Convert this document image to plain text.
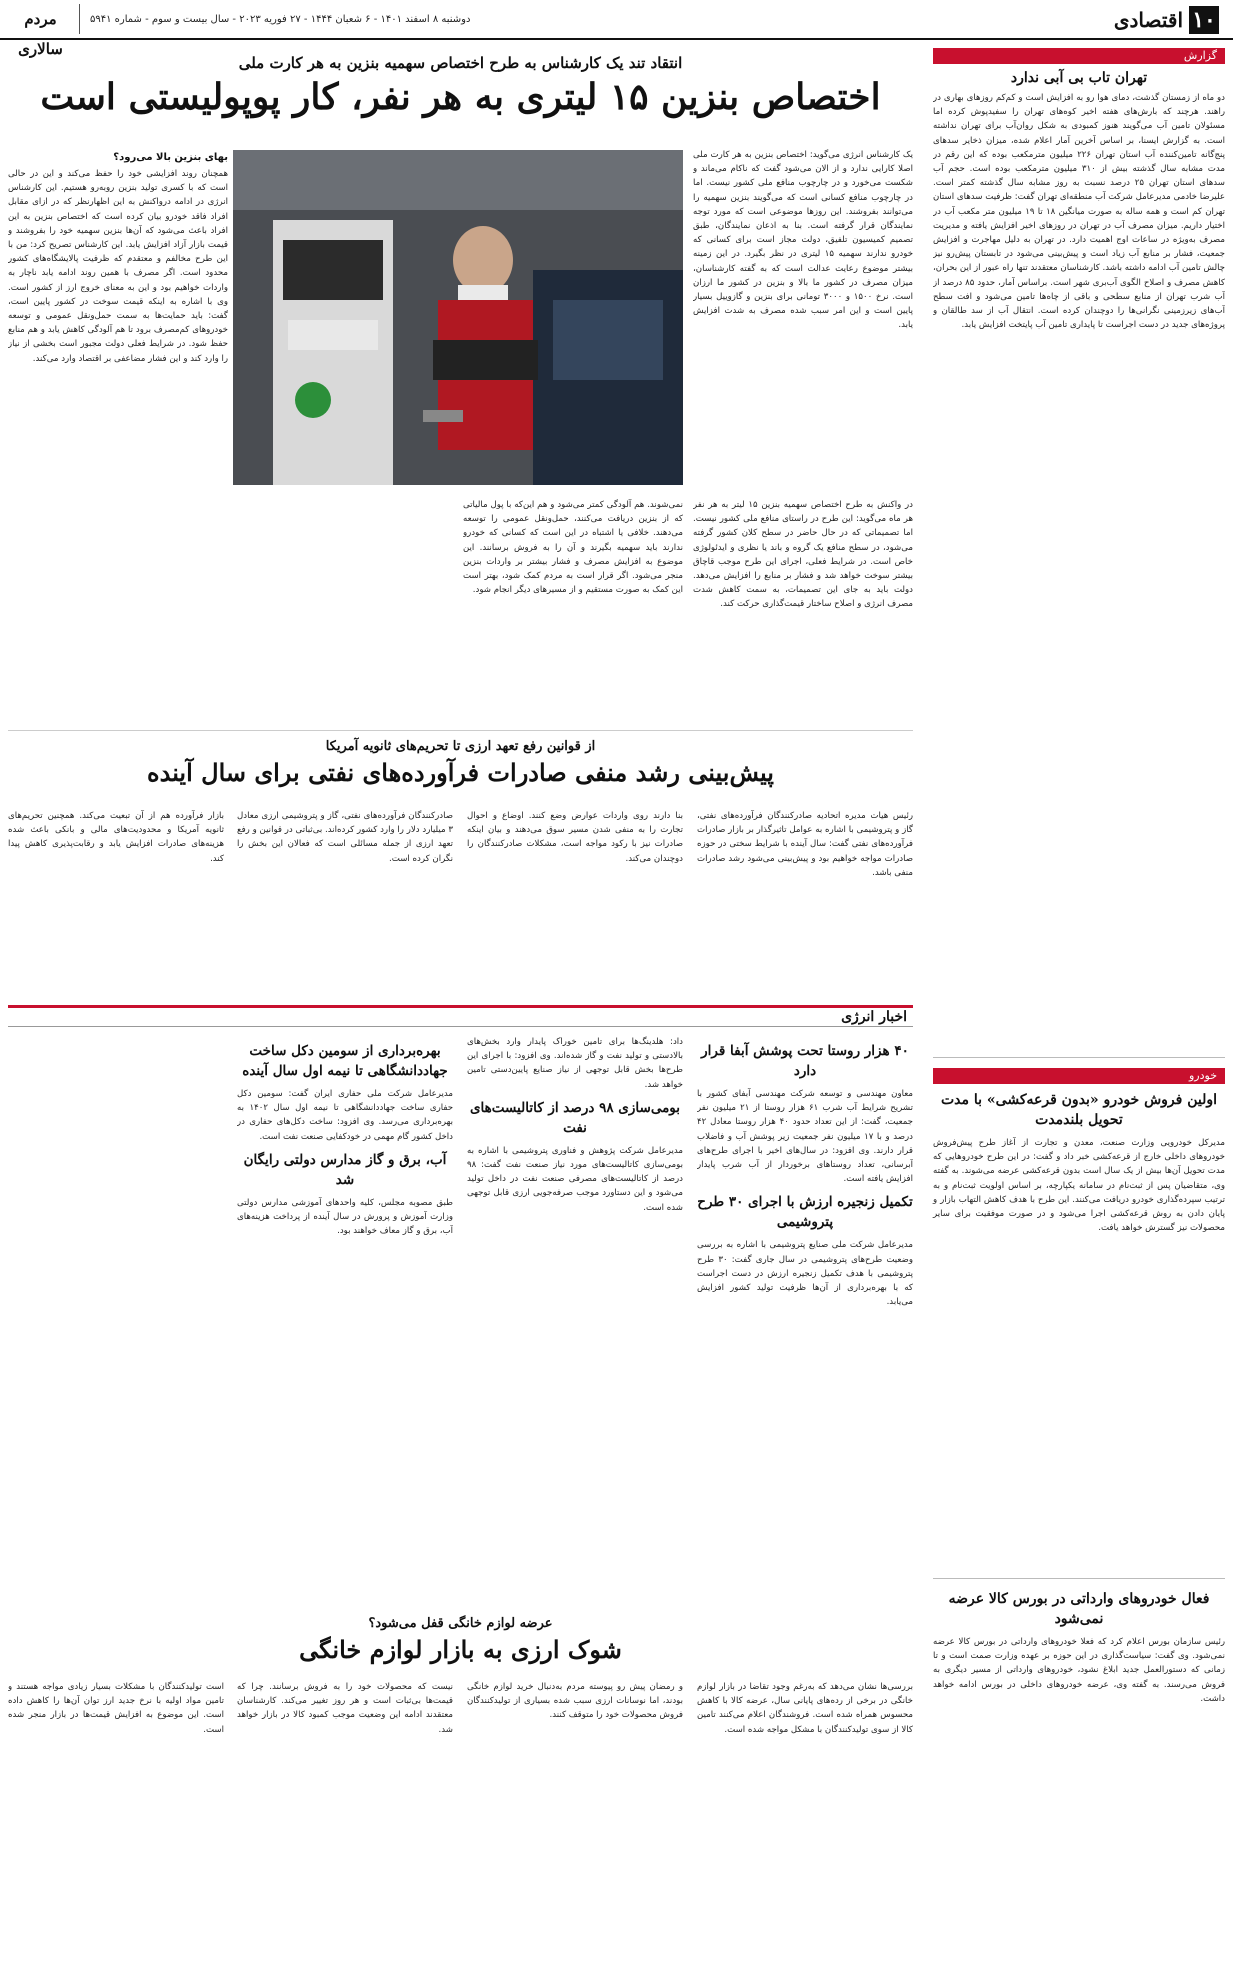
۱۰
اقتصادی
مردم سالاری
دوشنبه ۸ اسفند ۱۴۰۱ - ۶ شعبان ۱۴۴۴ - ۲۷ فوریه ۲۰۲۳ - سال بیست و سوم - شماره ۵۹۴۱
گزارش
تهران تاب بی آبی ندارد
دو ماه از زمستان گذشت، دمای هوا رو به افزایش است و کم‌کم روزهای بهاری در راهند. هرچند که بارش‌های هفته اخیر کوه‌های تهران را سفیدپوش کرده اما مسئولان تامین آب می‌گویند هنوز کمبودی به شکل روان‌آب برای تهران نداشته است. به گزارش ایسنا، بر اساس آخرین آمار اعلام شده، میزان ذخایر سدهای پنج‌گانه تامین‌کننده آب استان تهران ۲۲۶ میلیون مترمکعب بوده که این رقم در مدت مشابه سال گذشته بیش از ۳۱۰ میلیون مترمکعب بوده است. حجم آب سدهای استان تهران ۲۵ درصد نسبت به روز مشابه سال گذشته کمتر است. علیرضا خادمی مدیرعامل شرکت آب منطقه‌ای تهران گفت: ظرفیت سدهای استان تهران کم است و همه ساله به صورت میانگین ۱۸ تا ۱۹ میلیون متر مکعب آب در اختیار داریم. میزان مصرف آب در تهران در روزهای اخیر افزایش یافته و مدیریت مصرف به‌ویژه در ساعات اوج اهمیت دارد. در تهران به دلیل مهاجرت و افزایش جمعیت، فشار بر منابع آب زیاد است و پیش‌بینی می‌شود در تابستان پیش‌رو نیز چالش تامین آب ادامه داشته باشد. کارشناسان معتقدند تنها راه عبور از این بحران، کاهش مصرف و اصلاح الگوی آب‌بری شهر است. براساس آمار، حدود ۸۵ درصد از آب شرب تهران از منابع سطحی و باقی از چاه‌ها تامین می‌شود و افت سطح آب‌های زیرزمینی نگرانی‌ها را دوچندان کرده است. انتقال آب از سد طالقان و پروژه‌های جدید در دست اجراست تا پایداری تامین آب پایتخت افزایش یابد.
خودرو
اولین فروش خودرو «بدون قرعه‌کشی» با مدت تحویل بلندمدت
مدیرکل خودرویی وزارت صنعت، معدن و تجارت از آغاز طرح پیش‌فروش خودروهای داخلی خارج از قرعه‌کشی خبر داد و گفت: در این طرح خودروهایی که مدت تحویل آن‌ها بیش از یک سال است بدون قرعه‌کشی عرضه می‌شوند. به گفته وی، متقاضیان پس از ثبت‌نام در سامانه یکپارچه، بر اساس اولویت ثبت‌نام و به ترتیب سپرده‌گذاری خودرو دریافت می‌کنند. این طرح با هدف کاهش التهاب بازار و پایان دادن به روش قرعه‌کشی اجرا می‌شود و در صورت موفقیت برای سایر محصولات نیز گسترش خواهد یافت.
فعال خودروهای وارداتی در بورس کالا عرضه نمی‌شود
رئیس سازمان بورس اعلام کرد که فعلا خودروهای وارداتی در بورس کالا عرضه نمی‌شود. وی گفت: سیاست‌گذاری در این حوزه بر عهده وزارت صمت است و تا زمانی که دستورالعمل جدید ابلاغ نشود، خودروهای وارداتی از مسیر دیگری به فروش می‌رسند. به گفته وی، عرضه خودروهای داخلی در بورس ادامه خواهد داشت.
انتقاد تند یک کارشناس به طرح اختصاص سهمیه بنزین به هر کارت ملی
اختصاص بنزین ۱۵ لیتری به هر نفر، کار پوپولیستی است
یک کارشناس انرژی می‌گوید: اختصاص بنزین به هر کارت ملی اصلا کارایی ندارد و از الان می‌شود گفت که ناکام می‌ماند و شکست می‌خورد و در چارچوب منافع ملی کشور نیست. اما در چارچوب منافع کسانی است که می‌گویند بنزین سهمیه را می‌توانند بفروشند. این روزها موضوعی است که مورد توجه نمایندگان قرار گرفته است. بنا به اذعان نمایندگان، طبق تصمیم کمیسیون تلفیق، دولت مجاز است برای کسانی که خودرو ندارند سهمیه ۱۵ لیتری در نظر بگیرد. در این زمینه بیشتر موضوع رعایت عدالت است که به گفته کارشناسان، میزان مصرف در کشور ما بالا و بنزین در کشور ما ارزان است. نرخ ۱۵۰۰ و ۳۰۰۰ تومانی برای بنزین و گازوییل بسیار پایین است و این امر سبب شده مصرف به شدت افزایش یابد.
در واکنش به طرح اختصاص سهمیه بنزین ۱۵ لیتر به هر نفر هر ماه می‌گوید: این طرح در راستای منافع ملی کشور نیست. اما تصمیماتی که در حال حاضر در سطح کلان کشور گرفته می‌شود، در سطح منافع یک گروه و باند یا نظری و ایدئولوژی خاص است. در شرایط فعلی، اجرای این طرح موجب قاچاق بیشتر سوخت خواهد شد و فشار بر منابع را افزایش می‌دهد. دولت باید به جای این تصمیمات، به سمت کاهش شدت مصرف انرژی و اصلاح ساختار قیمت‌گذاری حرکت کند.
نمی‌شوند. هم آلودگی کمتر می‌شود و هم این‌که با پول مالیاتی که از بنزین دریافت می‌کنند، حمل‌ونقل عمومی را توسعه می‌دهند. خلافی یا اشتباه در این است که کسانی که خودرو ندارند باید سهمیه بگیرند و آن را به فروش برسانند. این موضوع به افزایش مصرف و فشار بیشتر بر واردات بنزین منجر می‌شود. اگر قرار است به مردم کمک شود، بهتر است این کمک به صورت مستقیم و از مسیرهای دیگر انجام شود.
بهای بنزین بالا می‌رود؟
همچنان روند افزایشی خود را حفظ می‌کند و این در حالی است که با کسری تولید بنزین روبه‌رو هستیم. این کارشناس انرژی در ادامه درواکنش به این اظهارنظر که در ازای مقابل افراد فاقد خودرو بیان کرده است که اختصاص بنزین به این افراد باعث می‌شود که آن‌ها بنزین سهمیه خود را بفروشند و قیمت بازار آزاد افزایش یابد. این کارشناس تصریح کرد: من با این طرح مخالفم و معتقدم که ظرفیت پالایشگاه‌های کشور محدود است. اگر مصرف با همین روند ادامه یابد ناچار به واردات خواهیم بود و این به معنای خروج ارز از کشور است. وی با اشاره به اینکه قیمت سوخت در کشور پایین است، گفت: باید حمایت‌ها به سمت حمل‌ونقل عمومی و توسعه خودروهای کم‌مصرف برود تا هم آلودگی کاهش یابد و هم منابع حفظ شود. در شرایط فعلی دولت مجبور است بخشی از نیاز را وارد کند و این فشار مضاعفی بر اقتصاد وارد می‌کند.
از قوانین رفع تعهد ارزی تا تحریم‌های ثانویه آمریکا
پیش‌بینی رشد منفی صادرات فرآورده‌های نفتی برای سال آینده
رئیس هیات مدیره اتحادیه صادرکنندگان فرآورده‌های نفتی، گاز و پتروشیمی با اشاره به عوامل تاثیرگذار بر بازار صادرات فرآورده‌های نفتی گفت: سال آینده با شرایط سختی در حوزه صادرات مواجه خواهیم بود و پیش‌بینی می‌شود رشد صادرات منفی باشد.
بنا دارند روی واردات عوارض وضع کنند. اوضاع و احوال تجارت را به منفی شدن مسیر سوق می‌دهند و بیان اینکه صادرات نیز با رکود مواجه است، مشکلات صادرکنندگان را دوچندان می‌کند.
صادرکنندگان فرآورده‌های نفتی، گاز و پتروشیمی ارزی معادل ۳ میلیارد دلار را وارد کشور کرده‌اند. بی‌ثباتی در قوانین و رفع تعهد ارزی از جمله مسائلی است که فعالان این بخش را نگران کرده است.
بازار فرآورده هم از آن تبعیت می‌کند. همچنین تحریم‌های ثانویه آمریکا و محدودیت‌های مالی و بانکی باعث شده هزینه‌های صادرات افزایش یابد و رقابت‌پذیری کاهش پیدا کند.
اخبار انرژی
۴۰ هزار روستا تحت پوشش آبفا قرار دارد
معاون مهندسی و توسعه شرکت مهندسی آبفای کشور با تشریح شرایط آب شرب ۶۱ هزار روستا از ۲۱ میلیون نفر جمعیت، گفت: از این تعداد حدود ۴۰ هزار روستا معادل ۴۲ درصد و با ۱۷ میلیون نفر جمعیت زیر پوشش آب و فاضلاب قرار دارند. وی افزود: در سال‌های اخیر با اجرای طرح‌های آبرسانی، تعداد روستاهای برخوردار از آب شرب پایدار افزایش یافته است.
تکمیل زنجیره ارزش با اجرای ۳۰ طرح پتروشیمی
مدیرعامل شرکت ملی صنایع پتروشیمی با اشاره به بررسی وضعیت طرح‌های پتروشیمی در سال جاری گفت: ۳۰ طرح پتروشیمی با هدف تکمیل زنجیره ارزش در دست اجراست که با بهره‌برداری از آن‌ها ظرفیت تولید کشور افزایش می‌یابد.
داد: هلدینگ‌ها برای تامین خوراک پایدار وارد بخش‌های بالادستی و تولید نفت و گاز شده‌اند. وی افزود: با اجرای این طرح‌ها بخش قابل توجهی از نیاز صنایع پایین‌دستی تامین خواهد شد.
بومی‌سازی ۹۸ درصد از کاتالیست‌های نفت
مدیرعامل شرکت پژوهش و فناوری پتروشیمی با اشاره به بومی‌سازی کاتالیست‌های مورد نیاز صنعت نفت گفت: ۹۸ درصد از کاتالیست‌های مصرفی صنعت نفت در داخل تولید می‌شود و این دستاورد موجب صرفه‌جویی ارزی قابل توجهی شده است.
بهره‌برداری از سومین دکل ساخت جهاددانشگاهی تا نیمه اول سال آینده
مدیرعامل شرکت ملی حفاری ایران گفت: سومین دکل حفاری ساخت جهاددانشگاهی تا نیمه اول سال ۱۴۰۲ به بهره‌برداری می‌رسد. وی افزود: ساخت دکل‌های حفاری در داخل کشور گام مهمی در خودکفایی صنعت نفت است.
آب، برق و گاز مدارس دولتی رایگان شد
طبق مصوبه مجلس، کلیه واحدهای آموزشی مدارس دولتی وزارت آموزش و پرورش در سال آینده از پرداخت هزینه‌های آب، برق و گاز معاف خواهند بود.
عرضه لوازم خانگی قفل می‌شود؟
شوک ارزی به بازار لوازم خانگی
بررسی‌ها نشان می‌دهد که به‌رغم وجود تقاضا در بازار لوازم خانگی در برخی از رده‌های پایانی سال، عرضه کالا با کاهش محسوس همراه شده است. فروشندگان اعلام می‌کنند تامین کالا از سوی تولیدکنندگان با مشکل مواجه شده است.
و رمضان پیش رو پیوسته مردم به‌دنبال خرید لوازم خانگی بودند، اما نوسانات ارزی سبب شده بسیاری از تولیدکنندگان فروش محصولات خود را متوقف کنند.
نیست که محصولات خود را به فروش برسانند. چرا که قیمت‌ها بی‌ثبات است و هر روز تغییر می‌کند. کارشناسان معتقدند ادامه این وضعیت موجب کمبود کالا در بازار خواهد شد.
است تولیدکنندگان با مشکلات بسیار زیادی مواجه هستند و تامین مواد اولیه با نرخ جدید ارز توان آن‌ها را کاهش داده است. این موضوع به افزایش قیمت‌ها در بازار منجر شده است.
